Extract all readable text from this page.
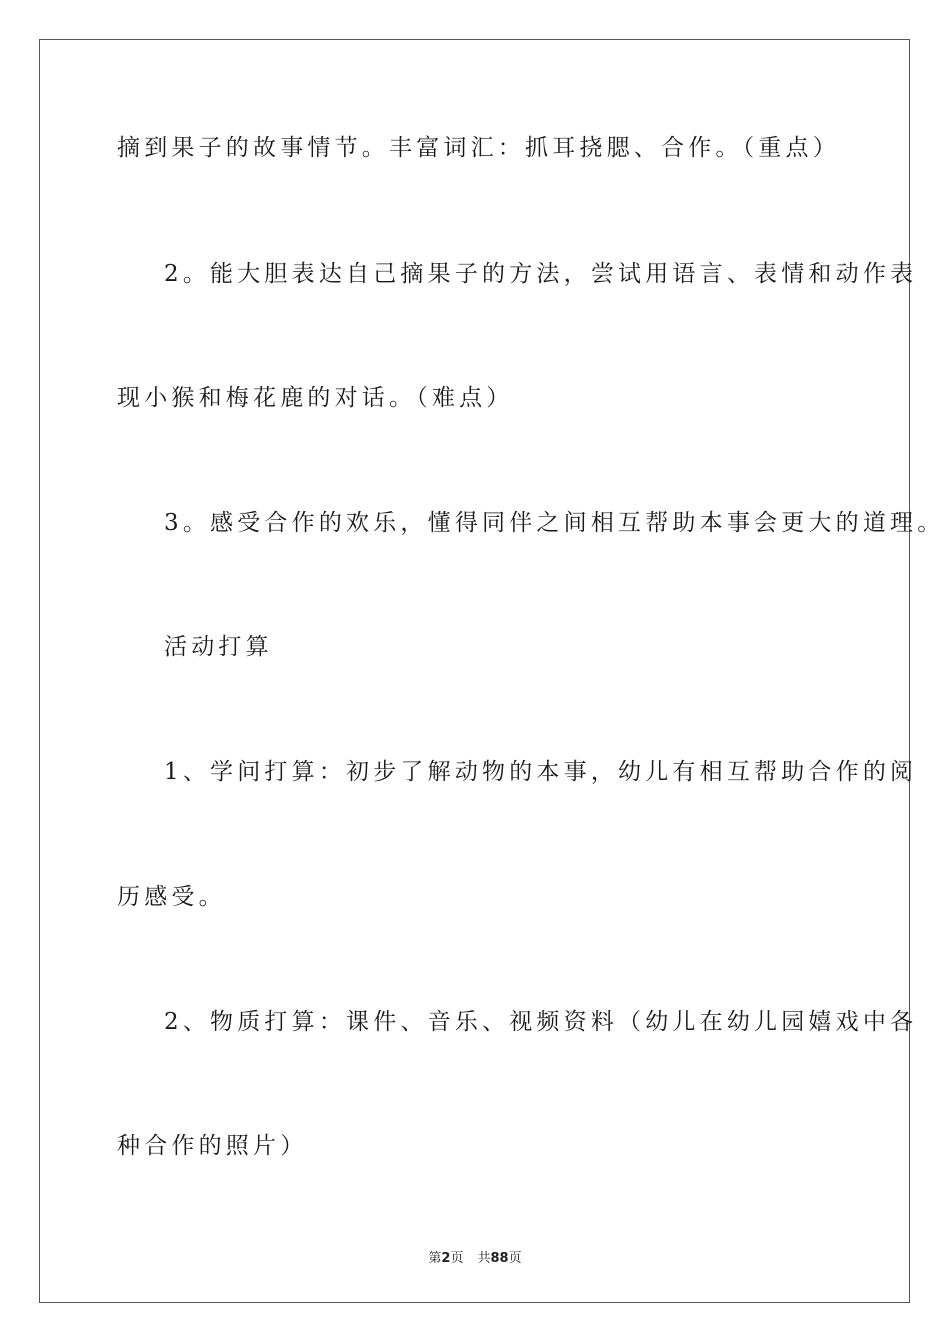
摘到果子的故事情节。丰富词汇：抓耳挠腮、合作。（重点）
2。能大胆表达自己摘果子的方法，尝试用语言、表情和动作表
现小猴和梅花鹿的对话。（难点）
3。感受合作的欢乐，懂得同伴之间相互帮助本事会更大的道理。
活动打算
1、学问打算：初步了解动物的本事，幼儿有相互帮助合作的阅
历感受。
2、物质打算：课件、音乐、视频资料（幼儿在幼儿园嬉戏中各
种合作的照片）
第2页 共88页
